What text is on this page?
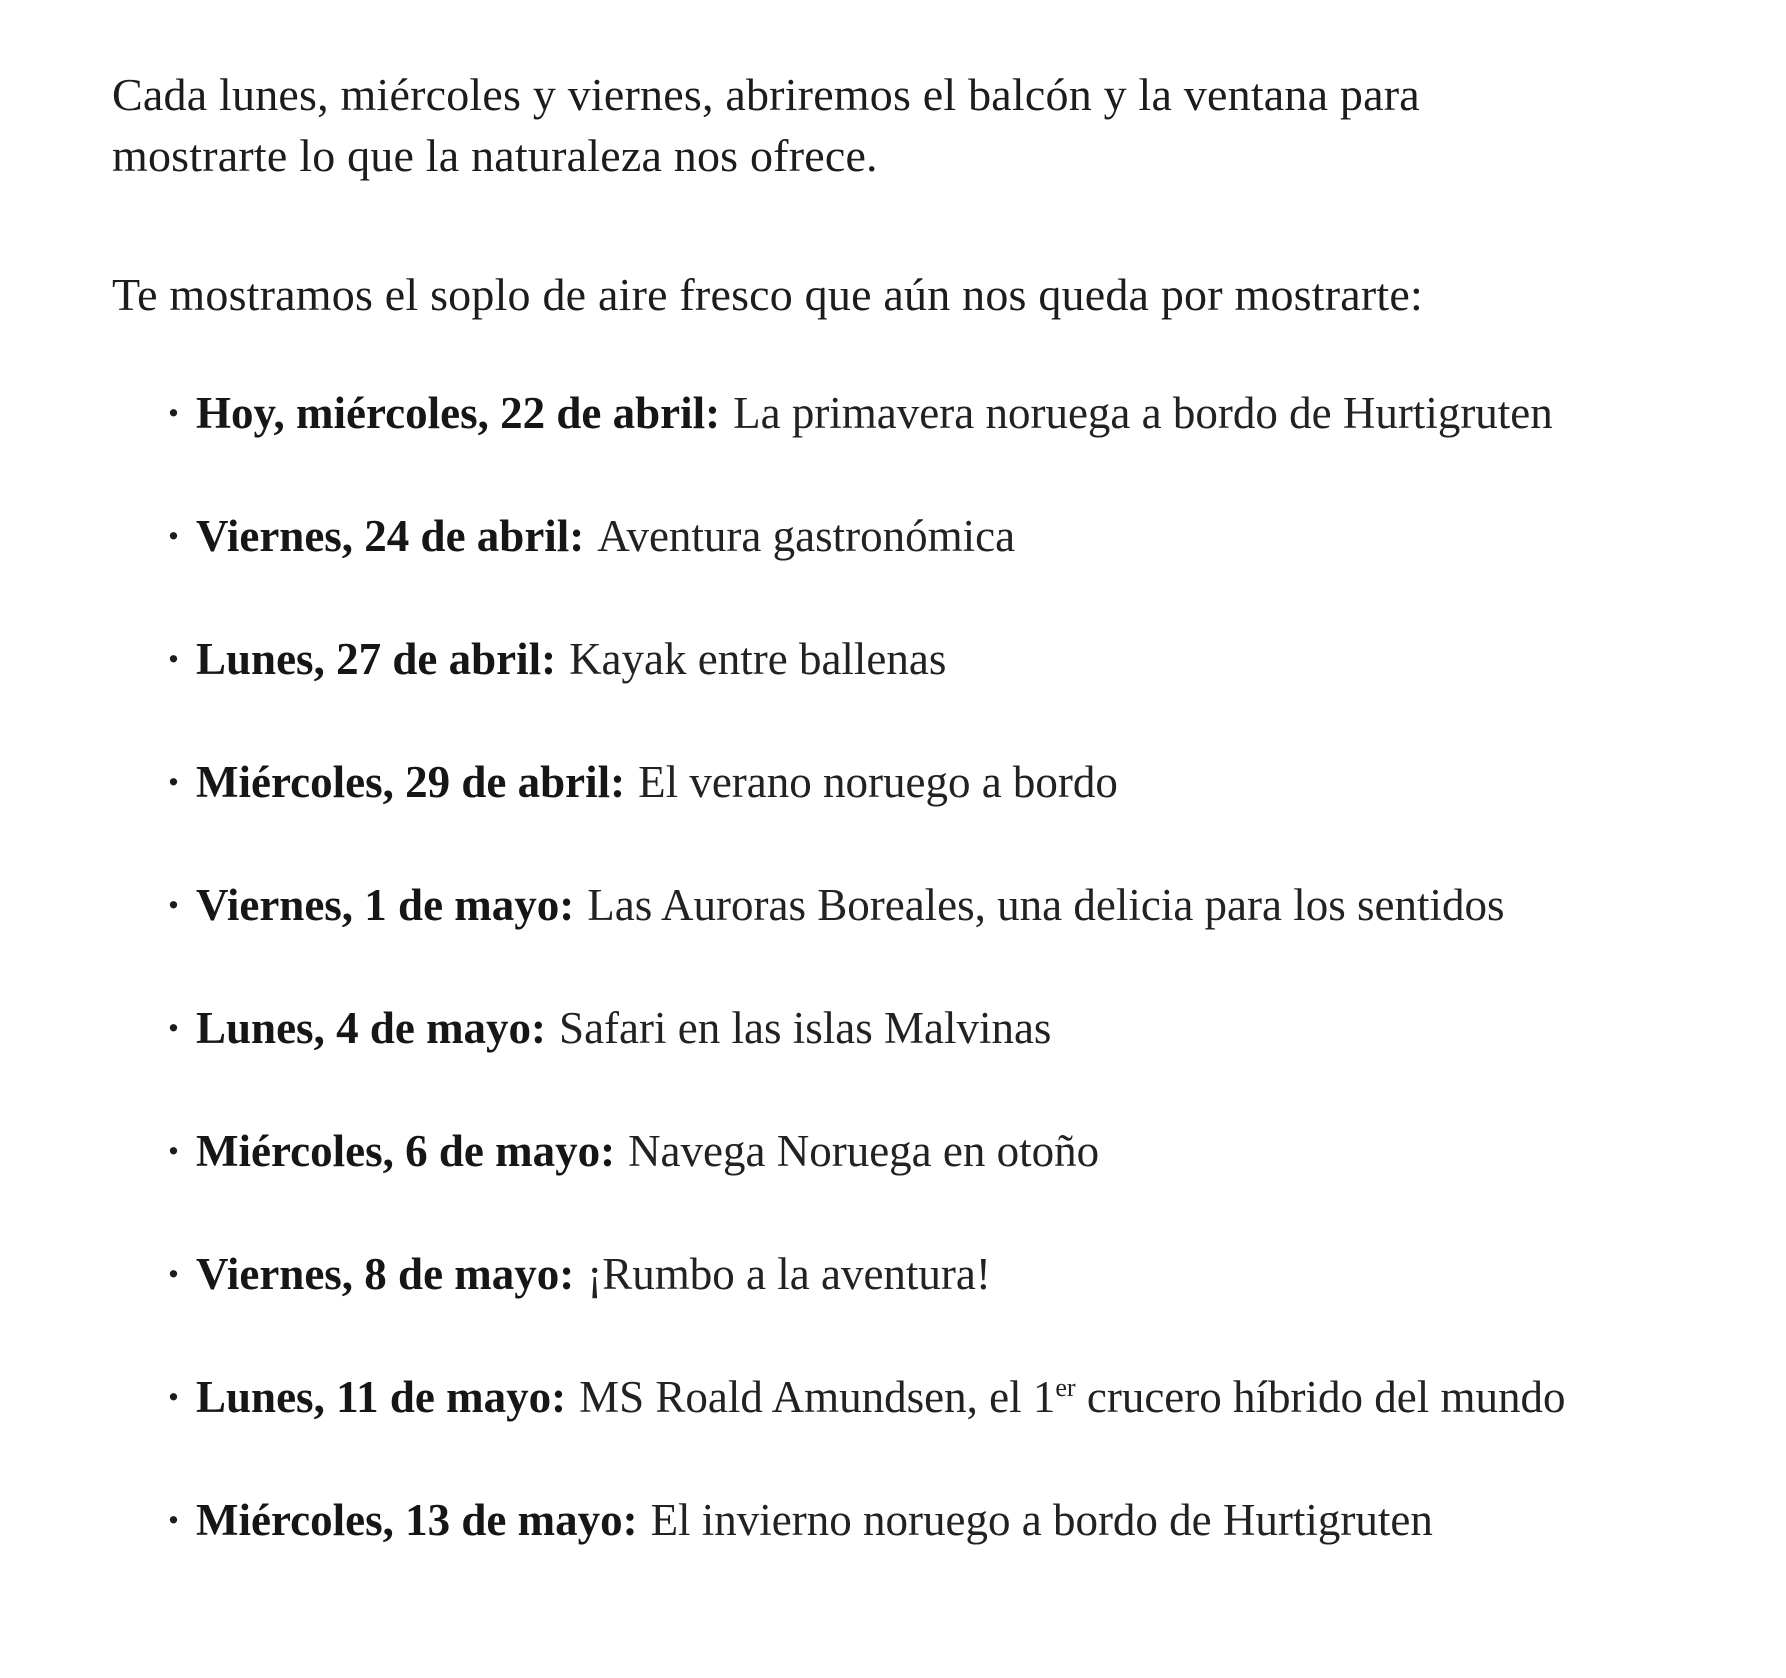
Cada lunes, miércoles y viernes, abriremos el balcón y la ventana para
mostrarte lo que la naturaleza nos ofrece.

Te mostramos el soplo de aire fresco que aún nos queda por mostrarte:

· Hoy, miércoles, 22 de abril: La primavera noruega a bordo de Hurtigruten
· Viernes, 24 de abril: Aventura gastronómica
· Lunes, 27 de abril: Kayak entre ballenas
· Miércoles, 29 de abril: El verano noruego a bordo
· Viernes, 1 de mayo: Las Auroras Boreales, una delicia para los sentidos
· Lunes, 4 de mayo: Safari en las islas Malvinas
· Miércoles, 6 de mayo: Navega Noruega en otoño
· Viernes, 8 de mayo: ¡Rumbo a la aventura!
· Lunes, 11 de mayo: MS Roald Amundsen, el 1er crucero híbrido del mundo
· Miércoles, 13 de mayo: El invierno noruego a bordo de Hurtigruten
